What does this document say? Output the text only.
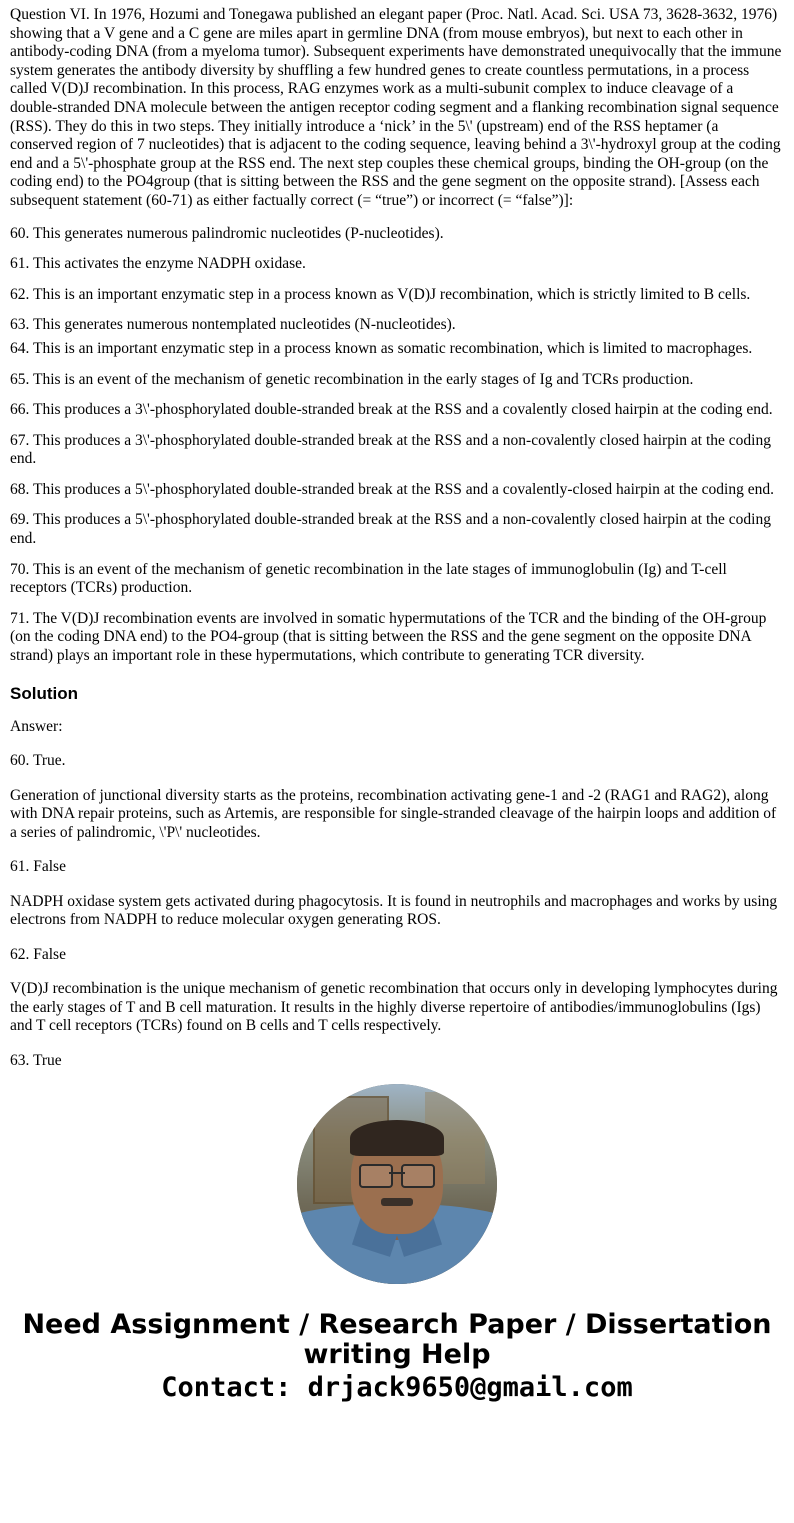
Question VI. In 1976, Hozumi and Tonegawa published an elegant paper (Proc. Natl. Acad. Sci. USA 73, 3628-3632, 1976) showing that a V gene and a C gene are miles apart in germline DNA (from mouse embryos), but next to each other in antibody-coding DNA (from a myeloma tumor). Subsequent experiments have demonstrated unequivocally that the immune system generates the antibody diversity by shuffling a few hundred genes to create countless permutations, in a process called V(D)J recombination. In this process, RAG enzymes work as a multi-subunit complex to induce cleavage of a double-stranded DNA molecule between the antigen receptor coding segment and a flanking recombination signal sequence (RSS). They do this in two steps. They initially introduce a ‘nick’ in the 5\' (upstream) end of the RSS heptamer (a conserved region of 7 nucleotides) that is adjacent to the coding sequence, leaving behind a 3\'-hydroxyl group at the coding end and a 5\'-phosphate group at the RSS end. The next step couples these chemical groups, binding the OH-group (on the coding end) to the PO4group (that is sitting between the RSS and the gene segment on the opposite strand). [Assess each subsequent statement (60-71) as either factually correct (= “true”) or incorrect (= “false”)]:

60. This generates numerous palindromic nucleotides (P-nucleotides).

61. This activates the enzyme NADPH oxidase.

62. This is an important enzymatic step in a process known as V(D)J recombination, which is strictly limited to B cells.

63. This generates numerous nontemplated nucleotides (N-nucleotides).

64. This is an important enzymatic step in a process known as somatic recombination, which is limited to macrophages.

65. This is an event of the mechanism of genetic recombination in the early stages of Ig and TCRs production.

66. This produces a 3\'-phosphorylated double-stranded break at the RSS and a covalently closed hairpin at the coding end.

67. This produces a 3\'-phosphorylated double-stranded break at the RSS and a non-covalently closed hairpin at the coding end.

68. This produces a 5\'-phosphorylated double-stranded break at the RSS and a covalently-closed hairpin at the coding end.

69. This produces a 5\'-phosphorylated double-stranded break at the RSS and a non-covalently closed hairpin at the coding end.

70. This is an event of the mechanism of genetic recombination in the late stages of immunoglobulin (Ig) and T-cell receptors (TCRs) production.

71. The V(D)J recombination events are involved in somatic hypermutations of the TCR and the binding of the OH-group (on the coding DNA end) to the PO4-group (that is sitting between the RSS and the gene segment on the opposite DNA strand) plays an important role in these hypermutations, which contribute to generating TCR diversity.

Solution

Answer:

60. True.

Generation of junctional diversity starts as the proteins, recombination activating gene-1 and -2 (RAG1 and RAG2), along with DNA repair proteins, such as Artemis, are responsible for single-stranded cleavage of the hairpin loops and addition of a series of palindromic, \'P\' nucleotides.

61. False

NADPH oxidase system gets activated during phagocytosis. It is found in neutrophils and macrophages and works by using electrons from NADPH to reduce molecular oxygen generating ROS.

62. False

V(D)J recombination is the unique mechanism of genetic recombination that occurs only in developing lymphocytes during the early stages of T and B cell maturation. It results in the highly diverse repertoire of antibodies/immunoglobulins (Igs) and T cell receptors (TCRs) found on B cells and T cells respectively.

63. True

Need Assignment / Research Paper / Dissertation
writing Help
Contact: drjack9650@gmail.com
